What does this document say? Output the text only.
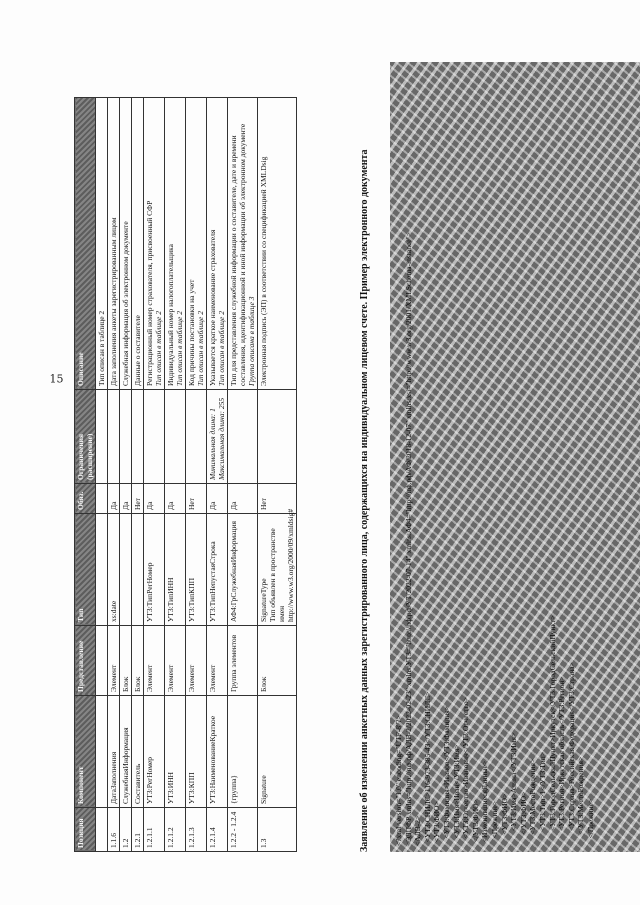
15
Позиция	Компонент	Представление	Тип	Обяз.	Ограничения (расширение)	Описание
						Тип описан в таблице 2
1.1.6	ДатаЗаполнения	Элемент	xs:date	Да		Дата заполнения анкеты зарегистрированным лицом
1.2	СлужебнаяИнформация	Блок		Да		Служебная информация об электронном документе
1.2.1	Составитель	Блок		Нет		Данные о составителе
1.2.1.1	УТ3:РегНомер	Элемент	УТ3:ТипРегНомер	Да		Регистрационный номер страхователя, присвоенный СФР Тип описан в таблице 2

1.2.1.2	УТ3:ИНН	Элемент	УТ3:ТипИНН	Да		Индивидуальный номер налогоплательщика Тип описан в таблице 2

1.2.1.3	УТ3:КПП	Элемент	УТ3:ТипКПП	Нет		Код причины постановки на учет Тип описан в таблице 2

1.2.1.4	УТ3:НаименованиеКраткое	Элемент	УТ3:ТипНепустаяСтрока	Да	Минимальная длина: 1
Максимальная длина: 255	Указывается краткое наименование страхователя Тип описан в таблице 2

1.2.2 - 1.2.4	{группа}	Группа элементов	АФ4:ГрСлужебнаяИнформация	Да		Тип для представления служебной информации о составителе, дате и времени составления, идентификационной и иной информации об электронном документе Группа описана в таблице 3

1.3	Signature	Блок	SignatureType
Тип объявлен в пространстве имен
http://www.w3.org/2000/09/xmldsig#	Нет		Электронная подпись (ЭП) в соответствии со спецификацией XMLDsig	Заявление об изменении анкетных данных зарегистрированного лица, содержащихся на индивидуальном лицевом счете. Пример электронного документа	<?xml version="1.0" encoding="UTF-8"?> <ЭДПФР xmlns="http://пф.рф/АДВ-2/2022-02-23" xmlns:УТ3="http://пф.рф/УТ/2022-07-14" xmlns:АФ4="http://пф.рф/АФ/2018-12-07" xmlns:xsi="http://www.w3.org/2001/XMLSchema-instance"> <АДВ-2> <УТ3:СНИЛС>116-973-385-43</УТ3:СНИЛС> <УТ3:ФИО> <УТ3:Фамилия>Иванов</УТ3:Фамилия> <УТ3:Имя>Иван</УТ3:Имя> <УТ3:Отчество>Иванович</УТ3:Отчество> </УТ3:ФИО> <ИзменившиесяДанные> <Прежние> <УТ3:ФИО> <УТ3:Имя>Алина</УТ3:Имя> </УТ3:ФИО> <УТ3:МестоРождения> <УТ3:Тип>1</УТ3:Тип> <УТ3:ГородСельскийПункт>Иркутск</УТ3:ГородСельскийПункт> <УТ3:Регион>Иркутская область</УТ3:Регион> <УТ3:Страна>Российская Федерация</УТ3:Страна> </УТ3:МестоРождения> </Прежние>
